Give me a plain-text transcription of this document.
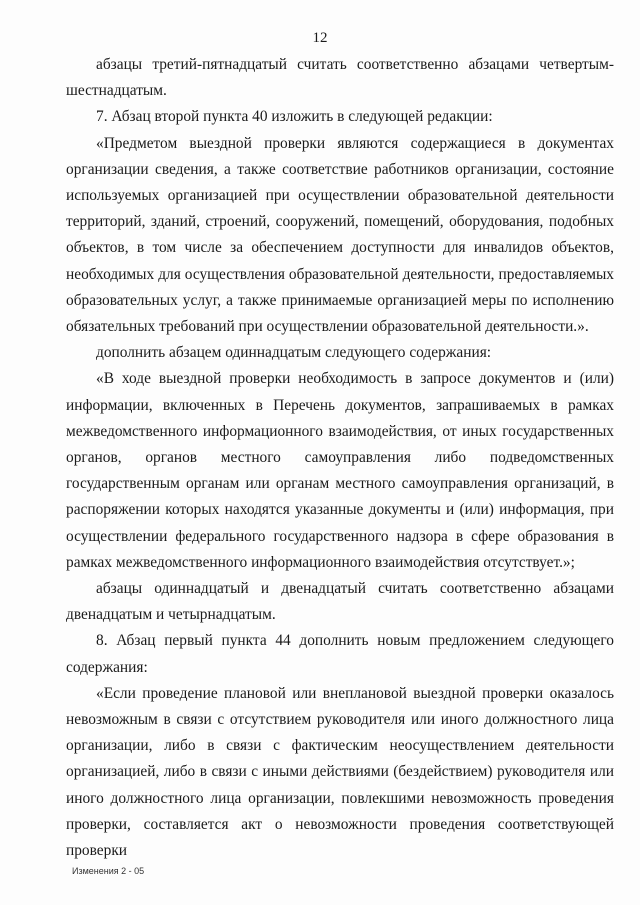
12

абзацы третий-пятнадцатый считать соответственно абзацами четвертым-шестнадцатым.

7. Абзац второй пункта 40 изложить в следующей редакции:

«Предметом выездной проверки являются содержащиеся в документах организации сведения, а также соответствие работников организации, состояние используемых организацией при осуществлении образовательной деятельности территорий, зданий, строений, сооружений, помещений, оборудования, подобных объектов, в том числе за обеспечением доступности для инвалидов объектов, необходимых для осуществления образовательной деятельности, предоставляемых образовательных услуг, а также принимаемые организацией меры по исполнению обязательных требований при осуществлении образовательной деятельности.».

дополнить абзацем одиннадцатым следующего содержания:

«В ходе выездной проверки необходимость в запросе документов и (или) информации, включенных в Перечень документов, запрашиваемых в рамках межведомственного информационного взаимодействия, от иных государственных органов, органов местного самоуправления либо подведомственных государственным органам или органам местного самоуправления организаций, в распоряжении которых находятся указанные документы и (или) информация, при осуществлении федерального государственного надзора в сфере образования в рамках межведомственного информационного взаимодействия отсутствует.»;

абзацы одиннадцатый и двенадцатый считать соответственно абзацами двенадцатым и четырнадцатым.

8. Абзац первый пункта 44 дополнить новым предложением следующего содержания:

«Если проведение плановой или внеплановой выездной проверки оказалось невозможным в связи с отсутствием руководителя или иного должностного лица организации, либо в связи с фактическим неосуществлением деятельности организацией, либо в связи с иными действиями (бездействием) руководителя или иного должностного лица организации, повлекшими невозможность проведения проверки, составляется акт о невозможности проведения соответствующей проверки

Изменения 2 - 05
